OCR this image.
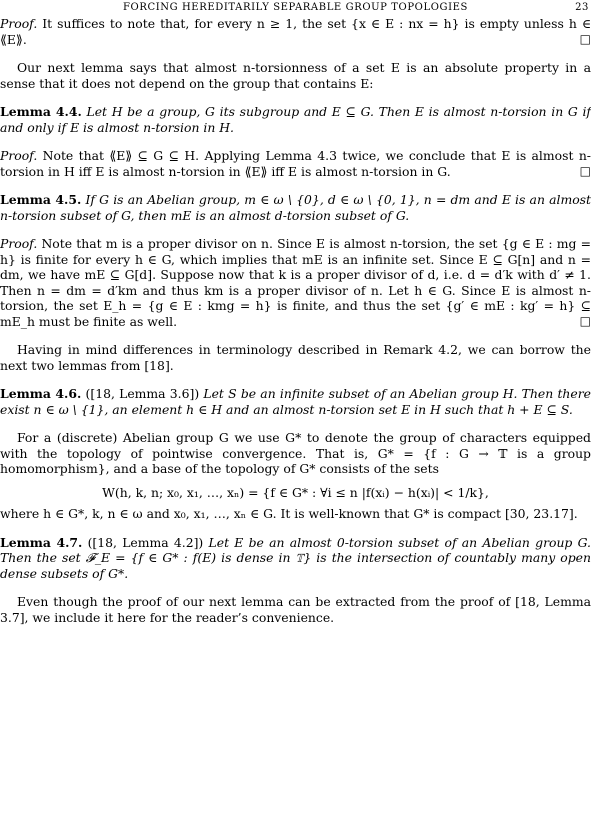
FORCING HEREDITARILY SEPARABLE GROUP TOPOLOGIES	23

Proof. It suffices to note that, for every n ≥ 1, the set {x ∈ E : nx = h} is empty unless h ∈ ⟪E⟫.	□

Our next lemma says that almost n-torsionness of a set E is an absolute property in a sense that it does not depend on the group that contains E:

Lemma 4.4. Let H be a group, G its subgroup and E ⊆ G. Then E is almost n-torsion in G if and only if E is almost n-torsion in H.

Proof. Note that ⟪E⟫ ⊆ G ⊆ H. Applying Lemma 4.3 twice, we conclude that E is almost n-torsion in H iff E is almost n-torsion in ⟪E⟫ iff E is almost n-torsion in G.	□

Lemma 4.5. If G is an Abelian group, m ∈ ω \ {0}, d ∈ ω \ {0, 1}, n = dm and E is an almost n-torsion subset of G, then mE is an almost d-torsion subset of G.

Proof. Note that m is a proper divisor on n. Since E is almost n-torsion, the set {g ∈ E : mg = h} is finite for every h ∈ G, which implies that mE is an infinite set. Since E ⊆ G[n] and n = dm, we have mE ⊆ G[d]. Suppose now that k is a proper divisor of d, i.e. d = d′k with d′ ≠ 1. Then n = dm = d′km and thus km is a proper divisor of n. Let h ∈ G. Since E is almost n-torsion, the set E_h = {g ∈ E : kmg = h} is finite, and thus the set {g′ ∈ mE : kg′ = h} ⊆ mE_h must be finite as well.	□

Having in mind differences in terminology described in Remark 4.2, we can borrow the next two lemmas from [18].

Lemma 4.6. ([18, Lemma 3.6]) Let S be an infinite subset of an Abelian group H. Then there exist n ∈ ω \ {1}, an element h ∈ H and an almost n-torsion set E in H such that h + E ⊆ S.

For a (discrete) Abelian group G we use G* to denote the group of characters equipped with the topology of pointwise convergence. That is, G* = {f : G → 𝕋 is a group homomorphism}, and a base of the topology of G* consists of the sets

W(h, k, n; x₀, x₁, …, xₙ) = {f ∈ G* : ∀i ≤ n |f(xᵢ) − h(xᵢ)| < 1/k},

where h ∈ G*, k, n ∈ ω and x₀, x₁, …, xₙ ∈ G. It is well-known that G* is compact [30, 23.17].

Lemma 4.7. ([18, Lemma 4.2]) Let E be an almost 0-torsion subset of an Abelian group G. Then the set 𝓕_E = {f ∈ G* : f(E) is dense in 𝕋} is the intersection of countably many open dense subsets of G*.

Even though the proof of our next lemma can be extracted from the proof of [18, Lemma 3.7], we include it here for the reader’s convenience.
